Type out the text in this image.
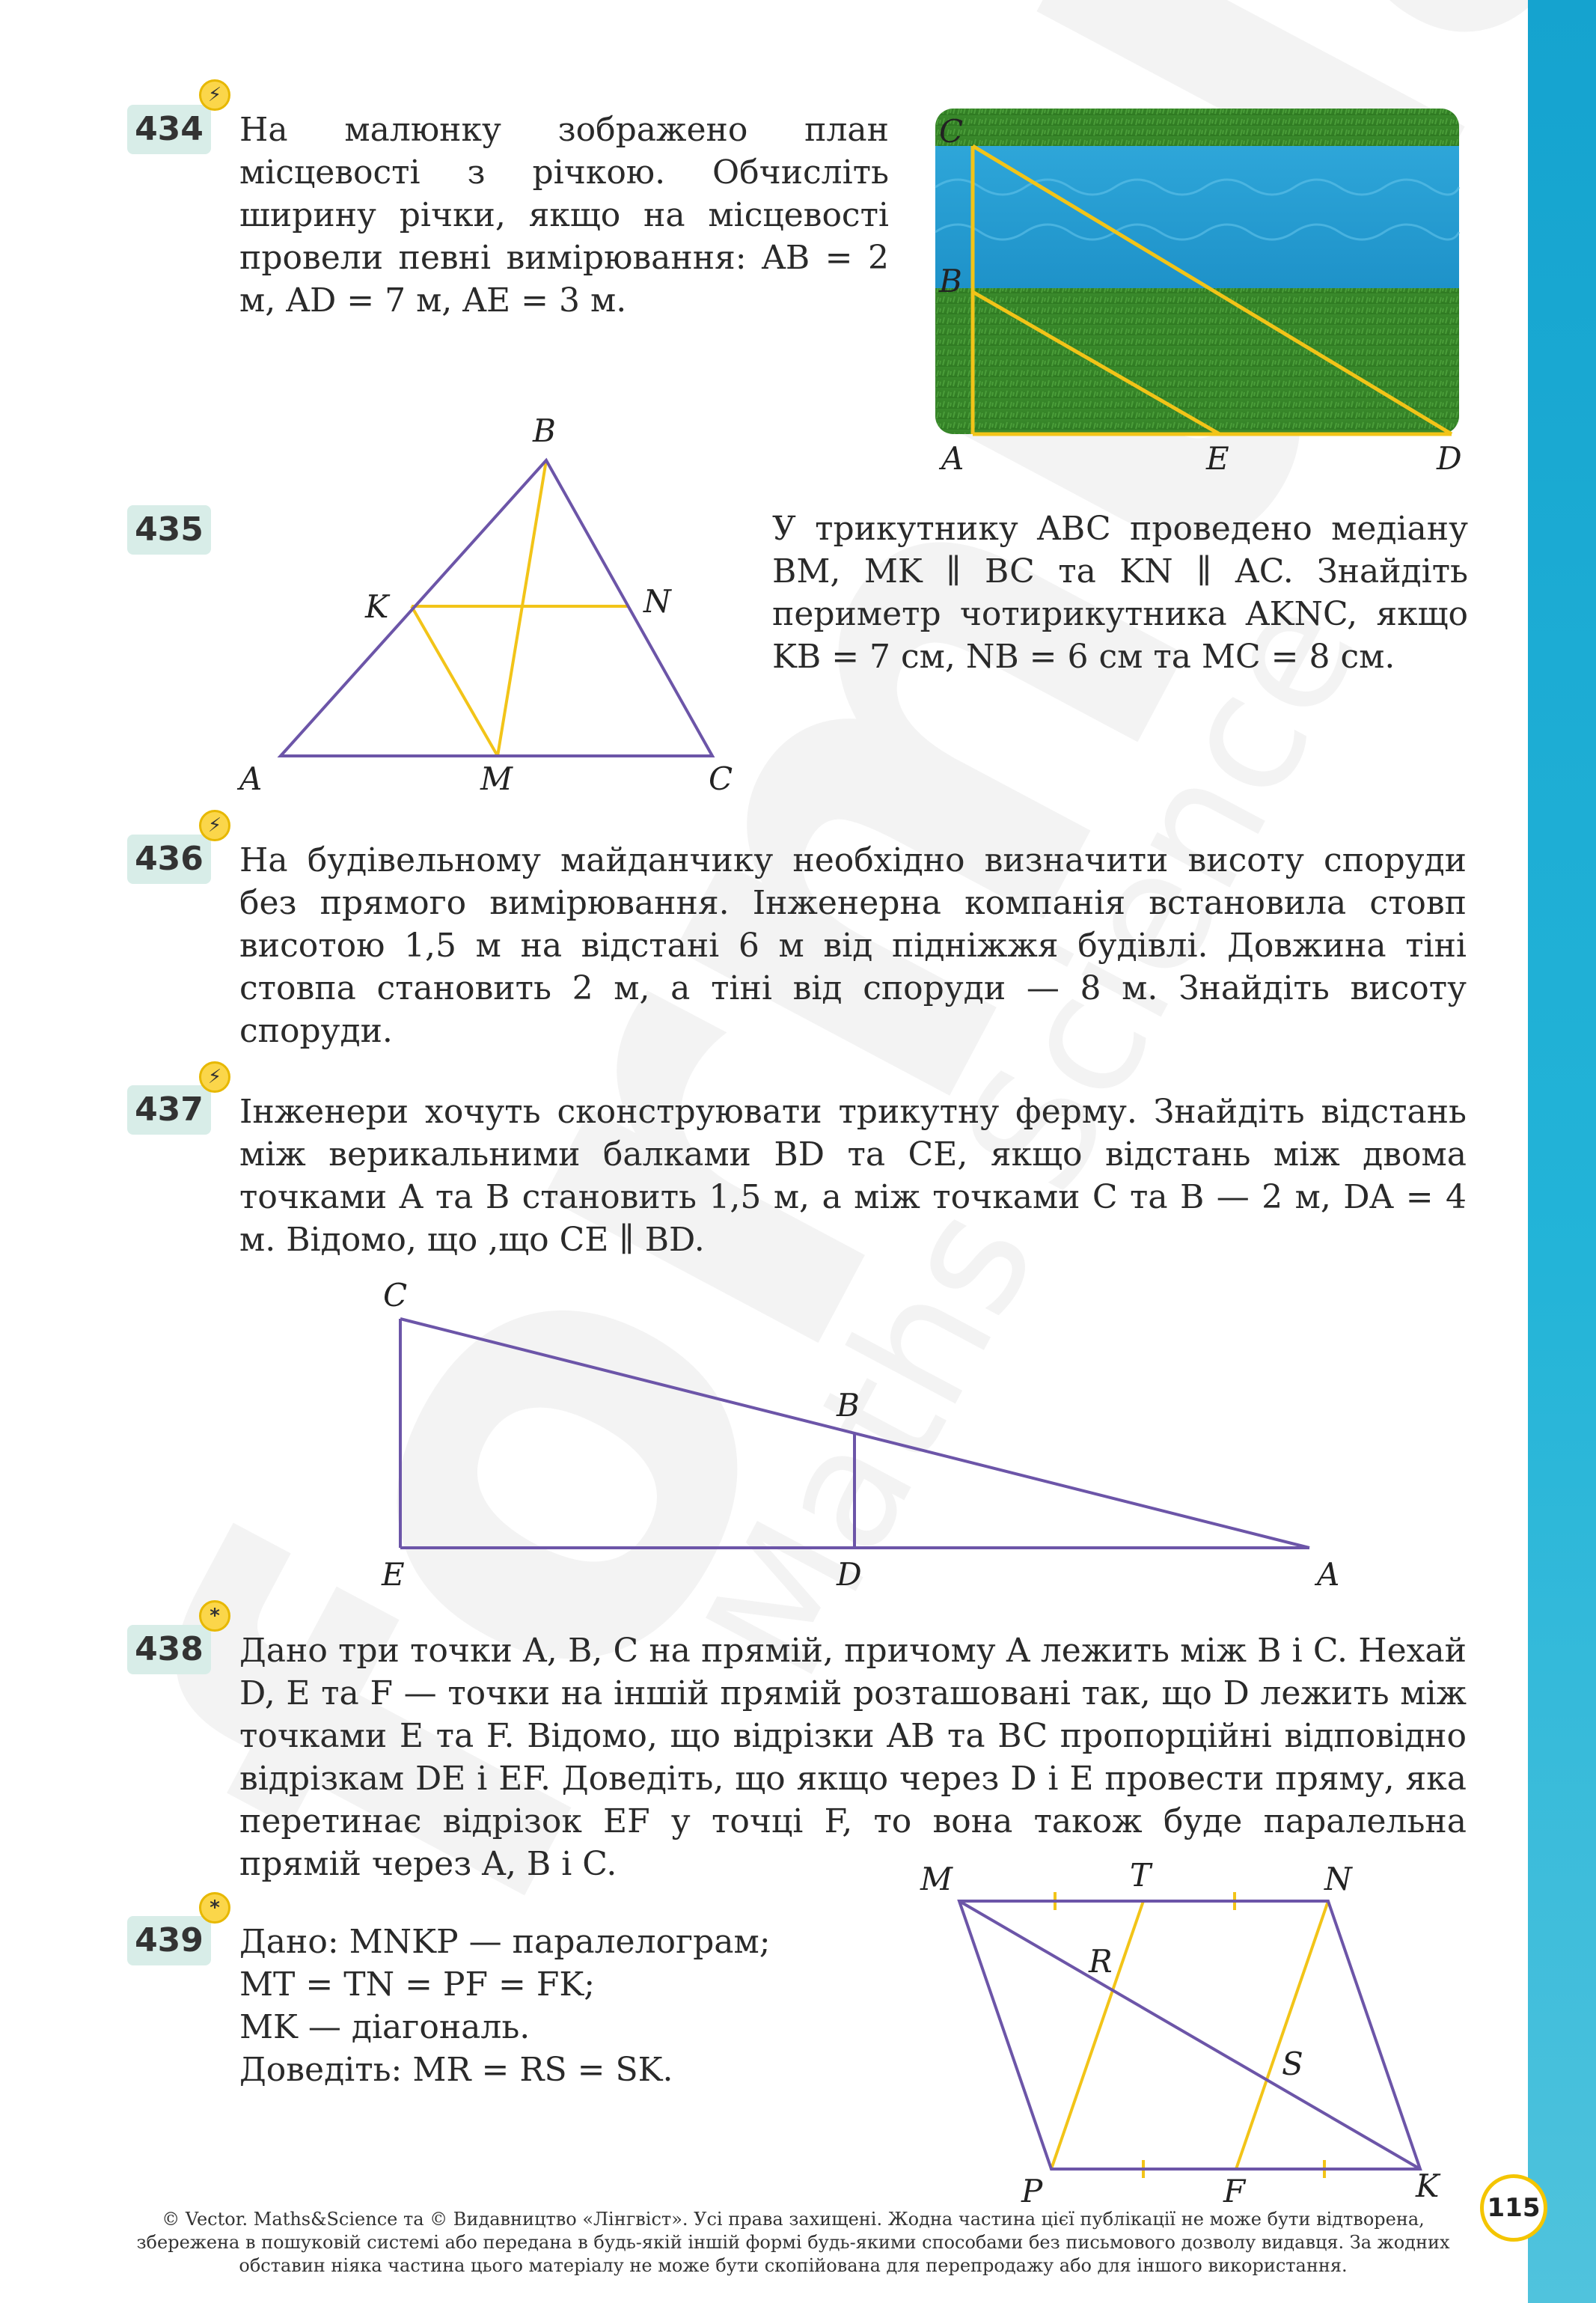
434
⚡

На малюнку зображено план місцевості з річкою. Обчисліть ширину річки, якщо на місцевості провели певні вимірювання: AB = 2 м, AD = 7 м, AE = 3 м.

C
B
A	E	D
435
B
K	N
A	M	C

У трикутнику ABC проведено медіану BM, MK ∥ BC та KN ∥ AC. Знайдіть периметр чотирикутника AKNC, якщо KB = 7 см, NB = 6 см та MC = 8 см.

436
⚡

На будівельному майданчику необхідно визначити висоту споруди без прямого вимірювання. Інженерна компанія встановила стовп висотою 1,5 м на відстані 6 м від підніжжя будівлі. Довжина тіні стовпа становить 2 м, а тіні від споруди — 8 м. Знайдіть висоту споруди.

437
⚡

Інженери хочуть сконструювати трикутну ферму. Знайдіть відстань між верикальними балками BD та CE, якщо відстань між двома точками A та B становить 1,5 м, а між точками C та B — 2 м, DA = 4 м. Відомо, що ,що CE ∥ BD.

C
B
E	D	A
438
*

Дано три точки A, B, C на прямій, причому A лежить між B і C. Нехай D, E та F — точки на іншій прямій розташовані так, що D лежить між точками E та F. Відомо, що відрізки AB та BC пропорційні відповідно відрізкам DE і EF. Доведіть, що якщо через D і E провести пряму, яка перетинає відрізок EF у точці F, то вона також буде паралельна прямій через A, B і C.

439
*

Дано: MNKP — паралелограм;

MT = TN = PF = FK;

MK — діагональ.

Доведіть: MR = RS = SK.

M	T	N
R
S
P	F	K
© Vector. Maths&Science та © Видавництво «Лінгвіст». Усі права захищені. Жодна частина цієї публікації не може бути відтворена,
збережена в пошуковій системі або передана в будь-якій іншій формі будь-якими способами без письмового дозволу видавця. За жодних
обставин ніяка частина цього матеріалу не може бути скопійована для перепродажу або для іншого використання.
115
